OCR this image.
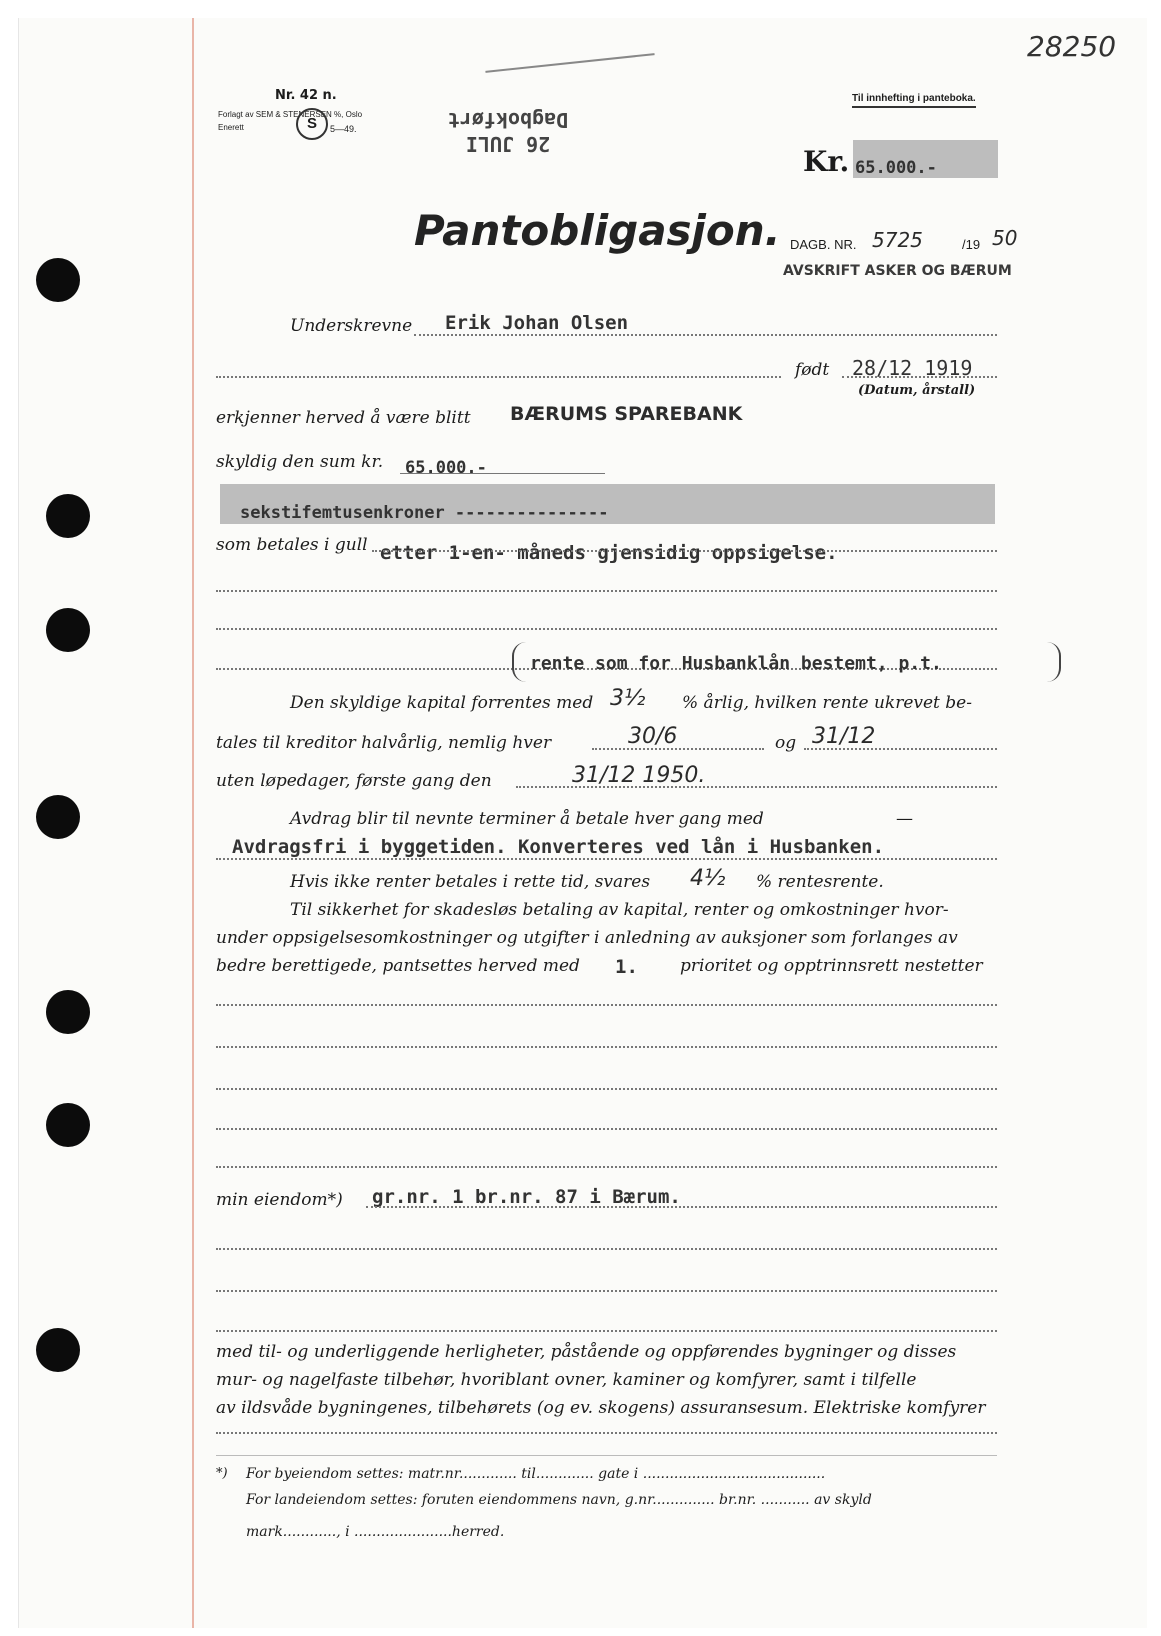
Nr. 42 n.
Forlagt av SEM & STENERSEN %, Oslo
S
Enerett	5—49.
28250
Til innhefting i panteboka.
26 JULI
Dagbokført
Kr. 65.000.-
Pantobligasjon. DAGB. NR. 5725	/19 50
AVSKRIFT ASKER OG BÆRUM
Underskrevne Erik Johan Olsen
født 28/12 1919
(Datum, årstall)
erkjenner herved å være blitt BÆRUMS SPAREBANK
skyldig den sum kr. 65.000.-
sekstifemtusenkroner ---------------
som betales i gull etter 1-en- måneds gjensidig oppsigelse.
rente som for Husbanklån bestemt, p.t.
Den skyldige kapital forrentes med 3½ % årlig, hvilken rente ukrevet be-
tales til kreditor halvårlig, nemlig hver	30/6	og 31/12
uten løpedager, første gang den	31/12 1950.
Avdrag blir til nevnte terminer å betale hver gang med	—
Avdragsfri i byggetiden. Konverteres ved lån i Husbanken.
Hvis ikke renter betales i rette tid, svares 4½ % rentesrente.
Til sikkerhet for skadesløs betaling av kapital, renter og omkostninger hvor-
under oppsigelsesomkostninger og utgifter i anledning av auksjoner som forlanges av
bedre berettigede, pantsettes herved med 1. prioritet og opptrinnsrett nestetter
min eiendom*) gr.nr. 1 br.nr. 87 i Bærum.
med til- og underliggende herligheter, påstående og oppførendes bygninger og disses
mur- og nagelfaste tilbehør, hvoriblant ovner, kaminer og komfyrer, samt i tilfelle
av ildsvåde bygningenes, tilbehørets (og ev. skogens) assuransesum. Elektriske komfyrer
*) For byeiendom settes: matr.nr............. til............. gate i .........................................
For landeiendom settes: foruten eiendommens navn, g.nr.............. br.nr. ........... av skyld
mark............, i ......................herred.
